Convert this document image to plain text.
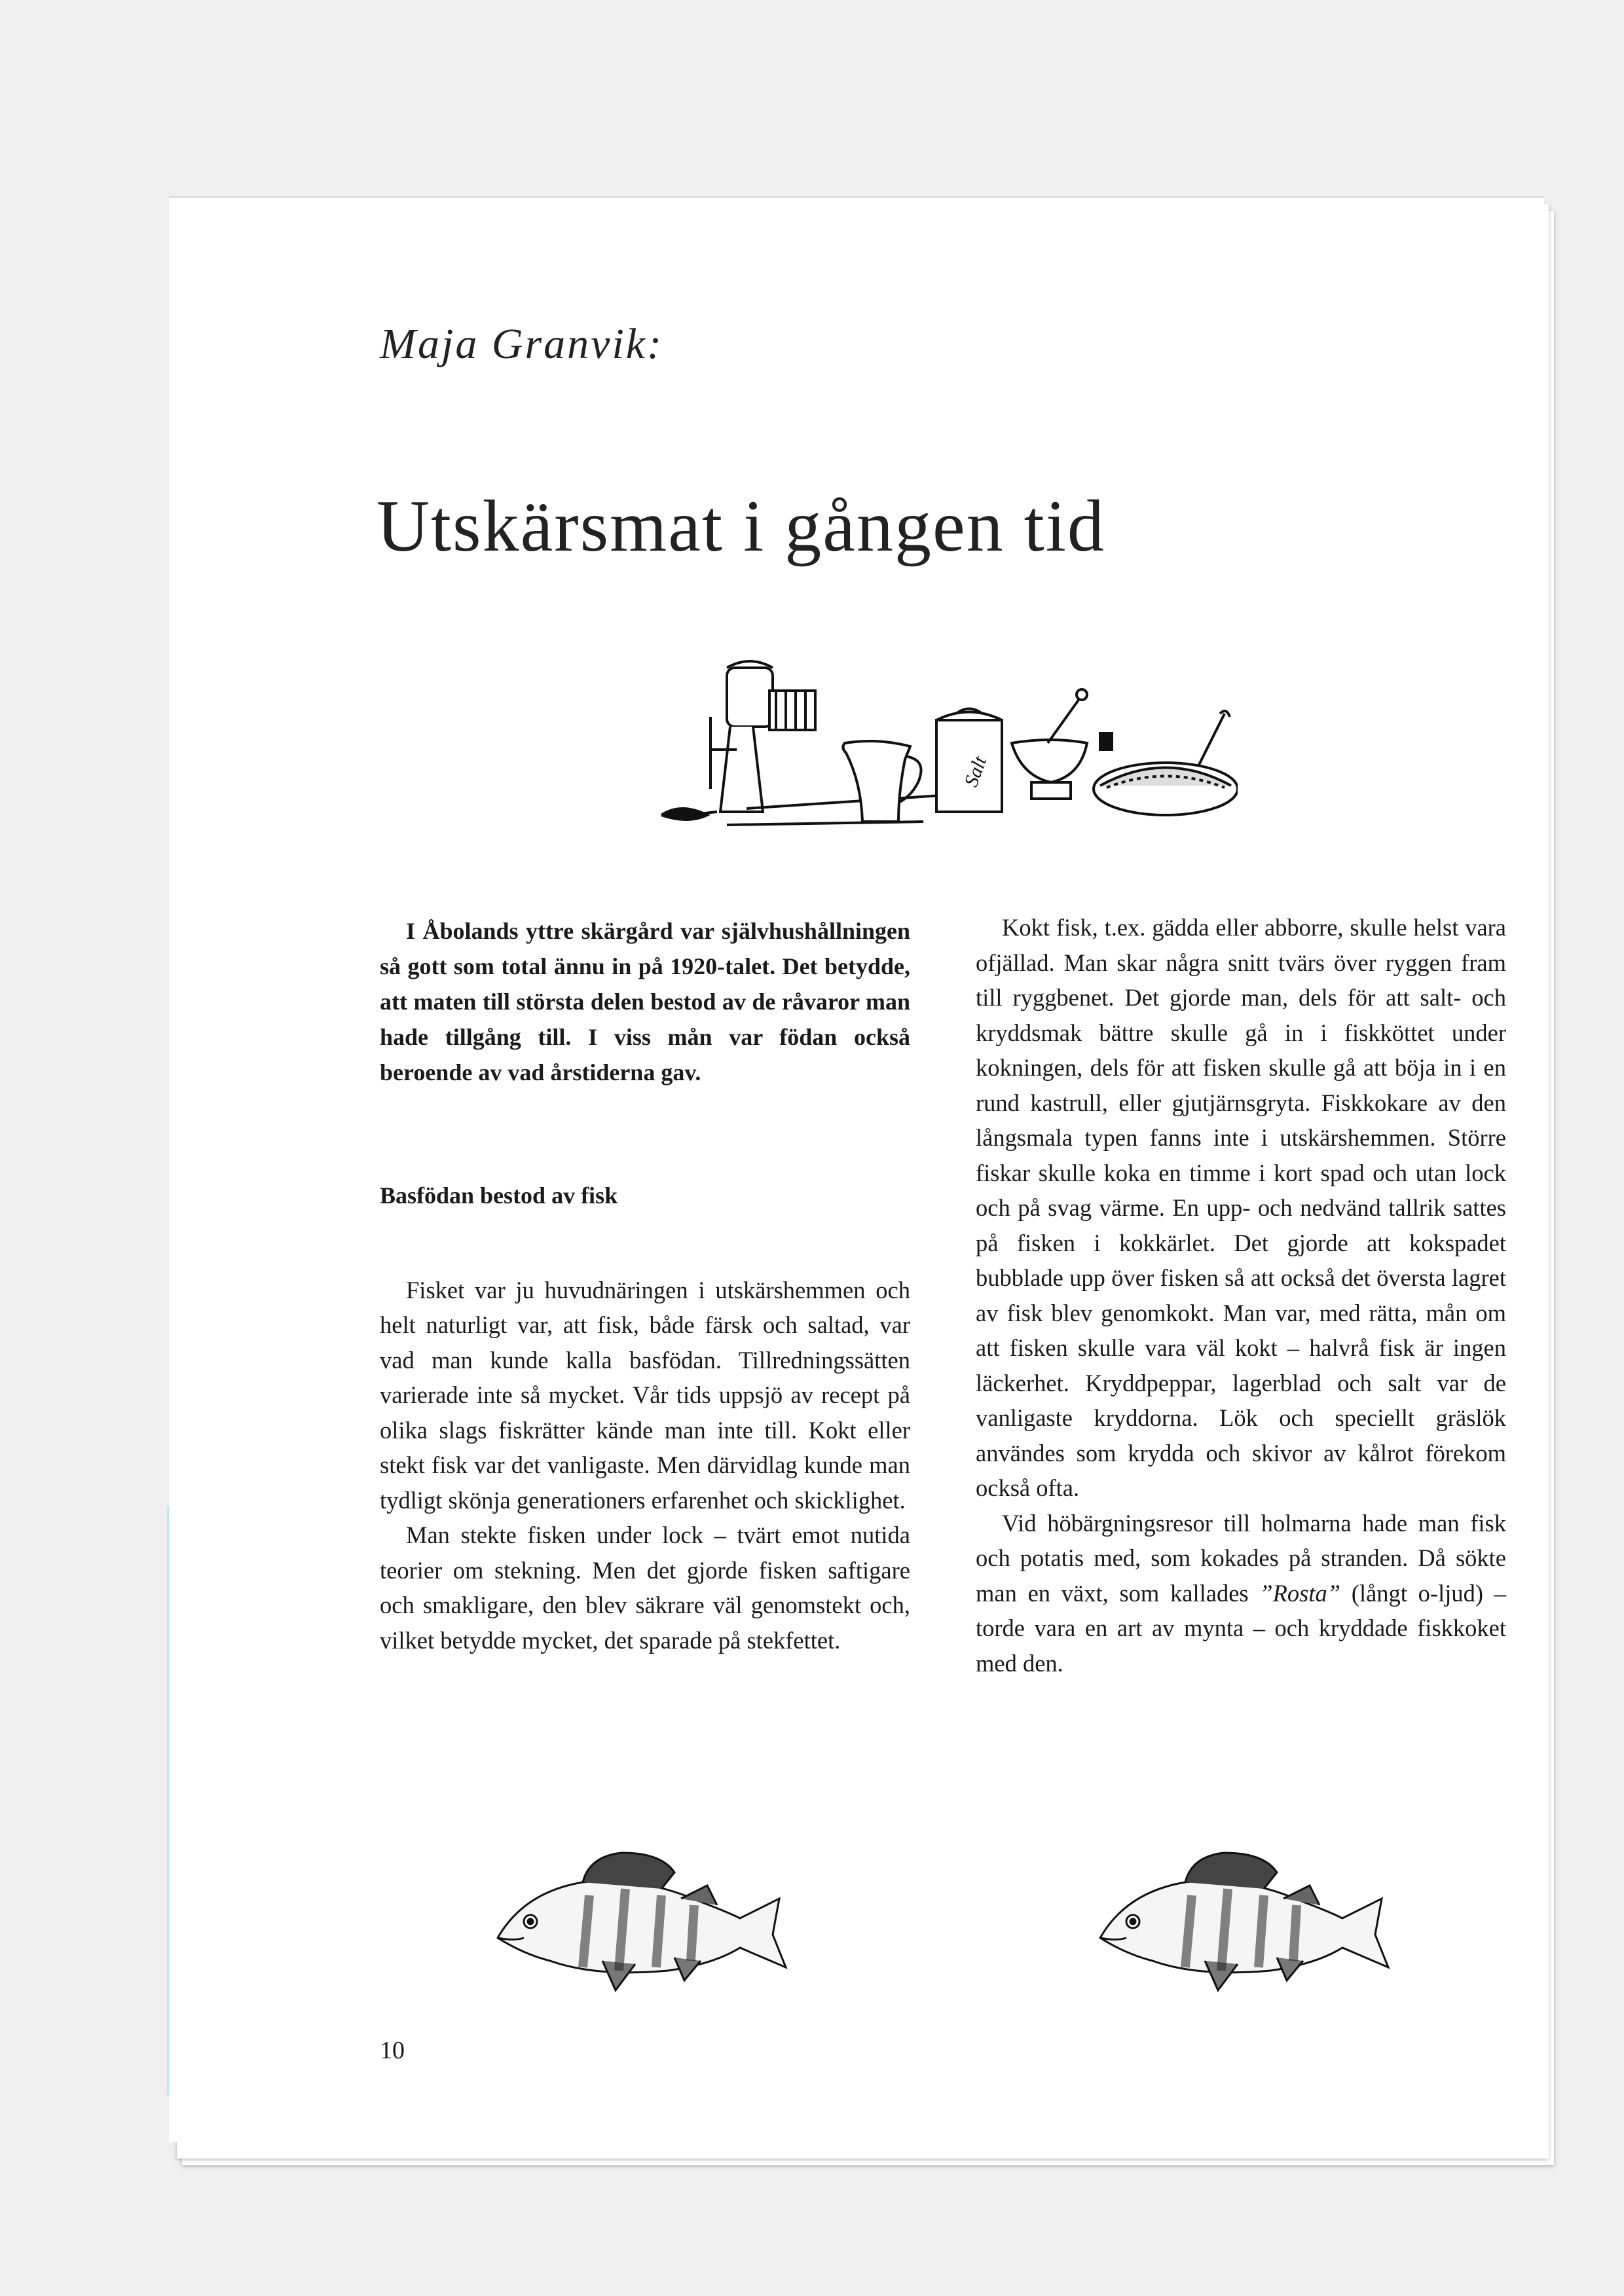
Maja Granvik:
Utskärsmat i gången tid
Salt

I Åbolands yttre skärgård var självhushållningen så gott som total ännu in på 1920-talet. Det betydde, att maten till största delen bestod av de råvaror man hade tillgång till. I viss mån var födan också beroende av vad årstiderna gav.

Basfödan bestod av fisk

Fisket var ju huvudnäringen i utskärshemmen och helt naturligt var, att fisk, både färsk och saltad, var vad man kunde kalla basfödan. Tillredningssätten varierade inte så mycket. Vår tids uppsjö av recept på olika slags fiskrätter kände man inte till. Kokt eller stekt fisk var det vanligaste. Men därvidlag kunde man tydligt skönja generationers erfarenhet och skicklighet.

Man stekte fisken under lock – tvärt emot nutida teorier om stekning. Men det gjorde fisken saftigare och smakligare, den blev säkrare väl genomstekt och, vilket betydde mycket, det sparade på stekfettet.

Kokt fisk, t.ex. gädda eller abborre, skulle helst vara ofjällad. Man skar några snitt tvärs över ryggen fram till ryggbenet. Det gjorde man, dels för att salt- och kryddsmak bättre skulle gå in i fiskköttet under kokningen, dels för att fisken skulle gå att böja in i en rund kastrull, eller gjutjärnsgryta. Fiskkokare av den långsmala typen fanns inte i utskärshemmen. Större fiskar skulle koka en timme i kort spad och utan lock och på svag värme. En upp- och nedvänd tallrik sattes på fisken i kokkärlet. Det gjorde att kokspadet bubblade upp över fisken så att också det översta lagret av fisk blev genomkokt. Man var, med rätta, mån om att fisken skulle vara väl kokt – halvrå fisk är ingen läckerhet. Kryddpeppar, lagerblad och salt var de vanligaste kryddorna. Lök och speciellt gräslök användes som krydda och skivor av kålrot förekom också ofta.

Vid höbärgningsresor till holmarna hade man fisk och potatis med, som kokades på stranden. Då sökte man en växt, som kallades ”Rosta” (långt o-ljud) – torde vara en art av mynta – och kryddade fiskkoket med den.

10
